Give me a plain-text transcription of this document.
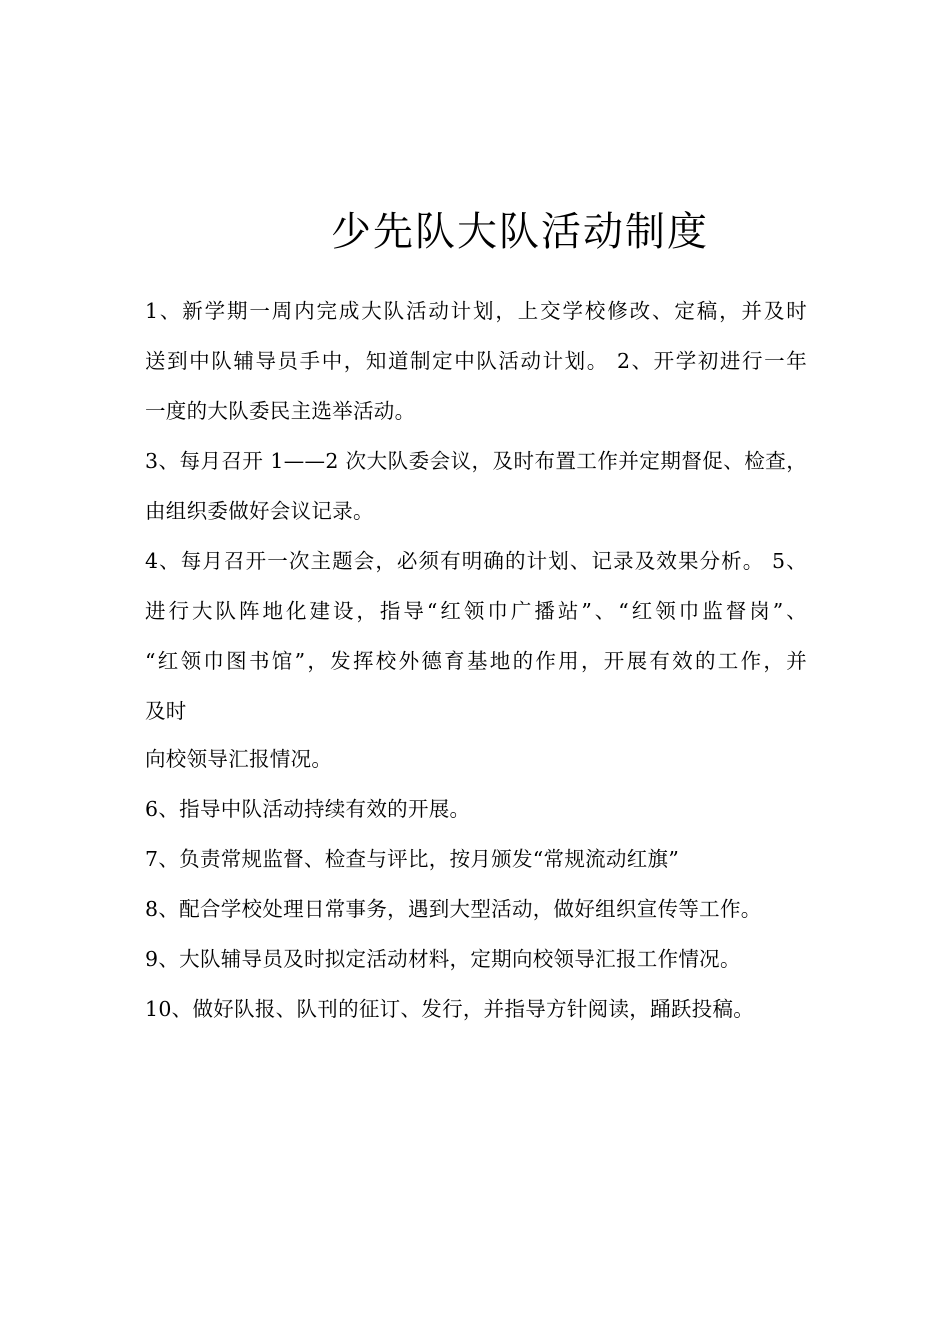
少先队大队活动制度
1、新学期一周内完成大队活动计划，上交学校修改、定稿，并及时
送到中队辅导员手中，知道制定中队活动计划。 2、开学初进行一年
一度的大队委民主选举活动。
3、每月召开 1——2 次大队委会议，及时布置工作并定期督促、检查，
由组织委做好会议记录。
4、每月召开一次主题会，必须有明确的计划、记录及效果分析。 5、
进行大队阵地化建设，指导“红领巾广播站”、“红领巾监督岗”、
“红领巾图书馆”，发挥校外德育基地的作用，开展有效的工作，并
及时
向校领导汇报情况。
6、指导中队活动持续有效的开展。
7、负责常规监督、检查与评比，按月颁发“常规流动红旗”
8、配合学校处理日常事务，遇到大型活动，做好组织宣传等工作。
9、大队辅导员及时拟定活动材料，定期向校领导汇报工作情况。
10、做好队报、队刊的征订、发行，并指导方针阅读，踊跃投稿。
